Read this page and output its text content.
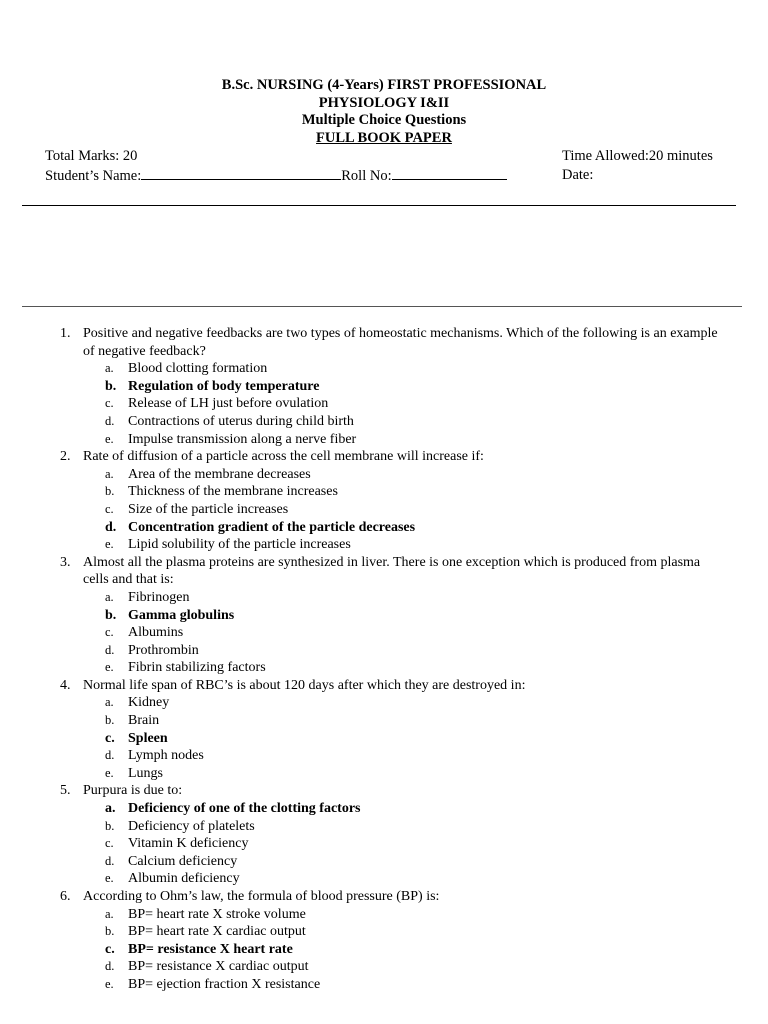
B.Sc. NURSING (4-Years) FIRST PROFESSIONAL
PHYSIOLOGY I&II
Multiple Choice Questions
FULL BOOK PAPER
Total Marks: 20
Student’s Name:	Roll No:
Time Allowed:20 minutes
Date:
1. Positive and negative feedbacks are two types of homeostatic mechanisms. Which of the following is an example of negative feedback?
a. Blood clotting formation
b. Regulation of body temperature
c. Release of LH just before ovulation
d. Contractions of uterus during child birth
e. Impulse transmission along a nerve fiber
2. Rate of diffusion of a particle across the cell membrane will increase if:
a. Area of the membrane decreases
b. Thickness of the membrane increases
c. Size of the particle increases
d. Concentration gradient of the particle decreases
e. Lipid solubility of the particle increases
3. Almost all the plasma proteins are synthesized in liver. There is one exception which is produced from plasma cells and that is:
a. Fibrinogen
b. Gamma globulins
c. Albumins
d. Prothrombin
e. Fibrin stabilizing factors
4. Normal life span of RBC’s is about 120 days after which they are destroyed in:
a. Kidney
b. Brain
c. Spleen
d. Lymph nodes
e. Lungs
5. Purpura is due to:
a. Deficiency of one of the clotting factors
b. Deficiency of platelets
c. Vitamin K deficiency
d. Calcium deficiency
e. Albumin deficiency
6. According to Ohm’s law, the formula of blood pressure (BP) is:
a. BP= heart rate X stroke volume
b. BP= heart rate X cardiac output
c. BP= resistance X heart rate
d. BP= resistance X cardiac output
e. BP= ejection fraction X resistance
